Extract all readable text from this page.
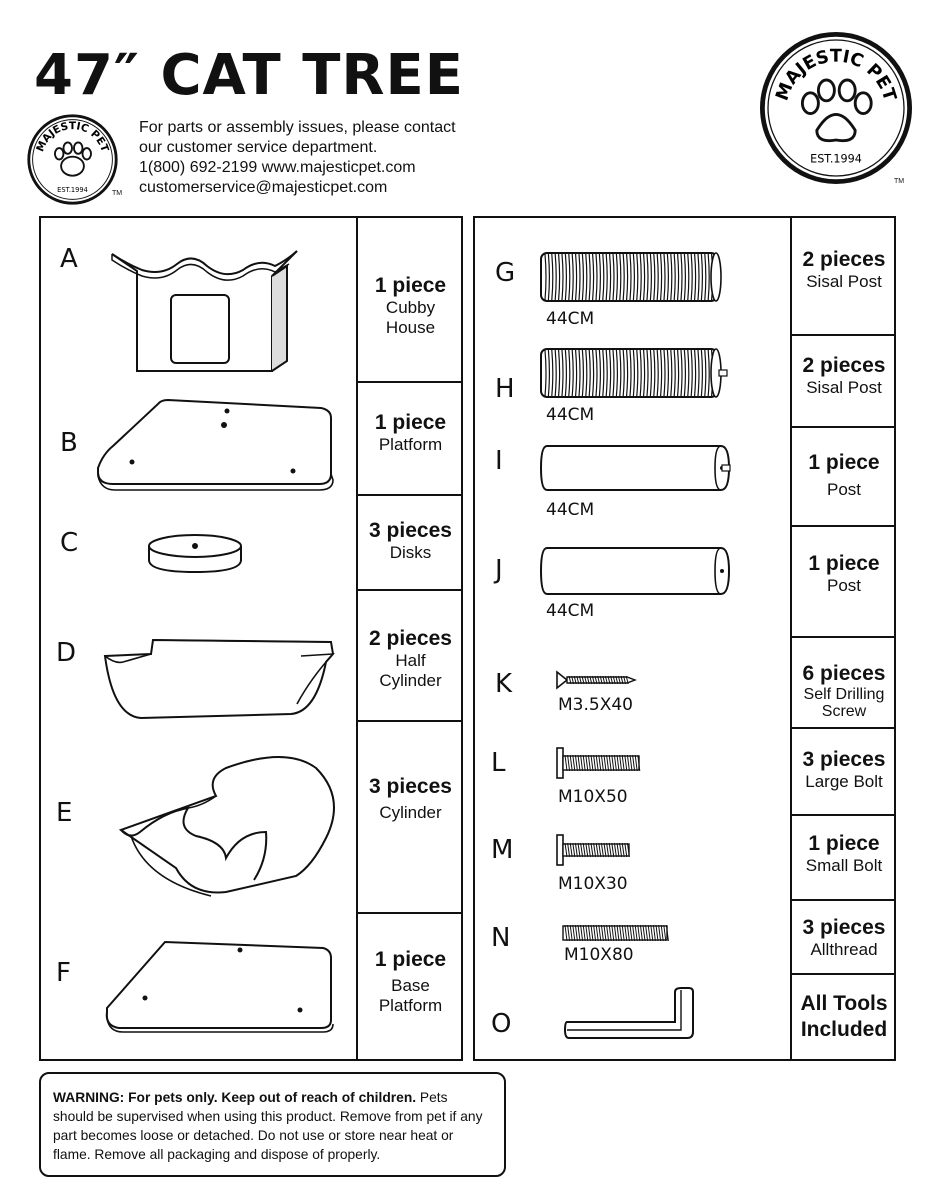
47″ CAT TREE
For parts or assembly issues, please contact
our customer service department.
1(800) 692-2199 www.majesticpet.com
customerservice@majesticpet.com
MAJESTIC PET
EST.1994	TM
MAJESTIC PET
EST.1994
TM
A
1 piece
Cubby
House
B
1 piece
Platform
C	3 pieces
Disks
D	2 pieces
Half
Cylinder
E
3 pieces
Cylinder
F	1 piece
Base
Platform
G
44CM
2 pieces
Sisal Post
H
44CM
2 pieces
Sisal Post
I
44CM
1 piece
Post
J
44CM
1 piece
Post
K
M3.5X40
6 pieces
Self Drilling
Screw
L
M10X50
3 pieces
Large Bolt
M
M10X30
1 piece
Small Bolt
N
M10X80
3 pieces
Allthread
O
All Tools
Included
WARNING: For pets only. Keep out of reach of children. Pets should be supervised when using this product. Remove from pet if any part becomes loose or detached. Do not use or store near heat or flame. Remove all packaging and dispose of properly.
